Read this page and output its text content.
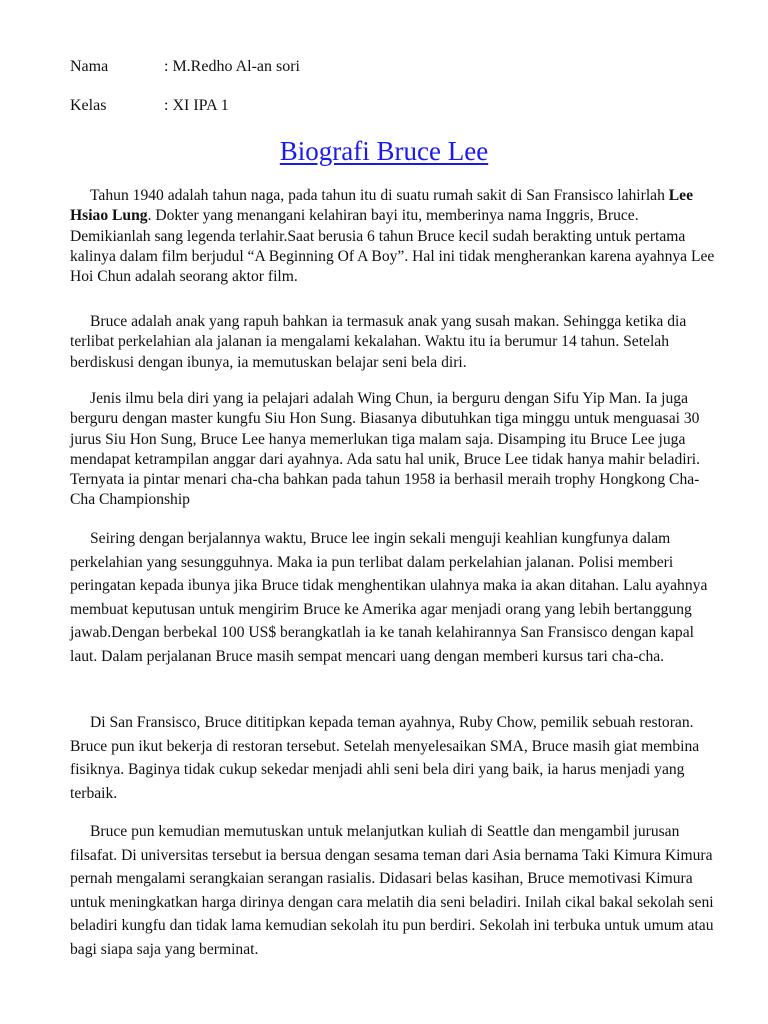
Nama	: M.Redho Al-an sori
Kelas	: XI IPA 1
Biografi Bruce Lee

Tahun 1940 adalah tahun naga, pada tahun itu di suatu rumah sakit di San Fransisco lahirlah Lee Hsiao Lung. Dokter yang menangani kelahiran bayi itu, memberinya nama Inggris, Bruce. Demikianlah sang legenda terlahir.Saat berusia 6 tahun Bruce kecil sudah berakting untuk pertama kalinya dalam film berjudul “A Beginning Of A Boy”. Hal ini tidak mengherankan karena ayahnya Lee Hoi Chun adalah seorang aktor film.

Bruce adalah anak yang rapuh bahkan ia termasuk anak yang susah makan. Sehingga ketika dia terlibat perkelahian ala jalanan ia mengalami kekalahan. Waktu itu ia berumur 14 tahun. Setelah berdiskusi dengan ibunya, ia memutuskan belajar seni bela diri.

Jenis ilmu bela diri yang ia pelajari adalah Wing Chun, ia berguru dengan Sifu Yip Man. Ia juga berguru dengan master kungfu Siu Hon Sung. Biasanya dibutuhkan tiga minggu untuk menguasai 30 jurus Siu Hon Sung, Bruce Lee hanya memerlukan tiga malam saja. Disamping itu Bruce Lee juga mendapat ketrampilan anggar dari ayahnya. Ada satu hal unik, Bruce Lee tidak hanya mahir beladiri. Ternyata ia pintar menari cha-cha bahkan pada tahun 1958 ia berhasil meraih trophy Hongkong Cha-Cha Championship

Seiring dengan berjalannya waktu, Bruce lee ingin sekali menguji keahlian kungfunya dalam perkelahian yang sesungguhnya. Maka ia pun terlibat dalam perkelahian jalanan. Polisi memberi peringatan kepada ibunya jika Bruce tidak menghentikan ulahnya maka ia akan ditahan. Lalu ayahnya membuat keputusan untuk mengirim Bruce ke Amerika agar menjadi orang yang lebih bertanggung jawab.Dengan berbekal 100 US$ berangkatlah ia ke tanah kelahirannya San Fransisco dengan kapal laut. Dalam perjalanan Bruce masih sempat mencari uang dengan memberi kursus tari cha-cha.

Di San Fransisco, Bruce dititipkan kepada teman ayahnya, Ruby Chow, pemilik sebuah restoran. Bruce pun ikut bekerja di restoran tersebut. Setelah menyelesaikan SMA, Bruce masih giat membina fisiknya. Baginya tidak cukup sekedar menjadi ahli seni bela diri yang baik, ia harus menjadi yang terbaik.

Bruce pun kemudian memutuskan untuk melanjutkan kuliah di Seattle dan mengambil jurusan filsafat. Di universitas tersebut ia bersua dengan sesama teman dari Asia bernama Taki Kimura Kimura pernah mengalami serangkaian serangan rasialis. Didasari belas kasihan, Bruce memotivasi Kimura untuk meningkatkan harga dirinya dengan cara melatih dia seni beladiri. Inilah cikal bakal sekolah seni beladiri kungfu dan tidak lama kemudian sekolah itu pun berdiri. Sekolah ini terbuka untuk umum atau bagi siapa saja yang berminat.
